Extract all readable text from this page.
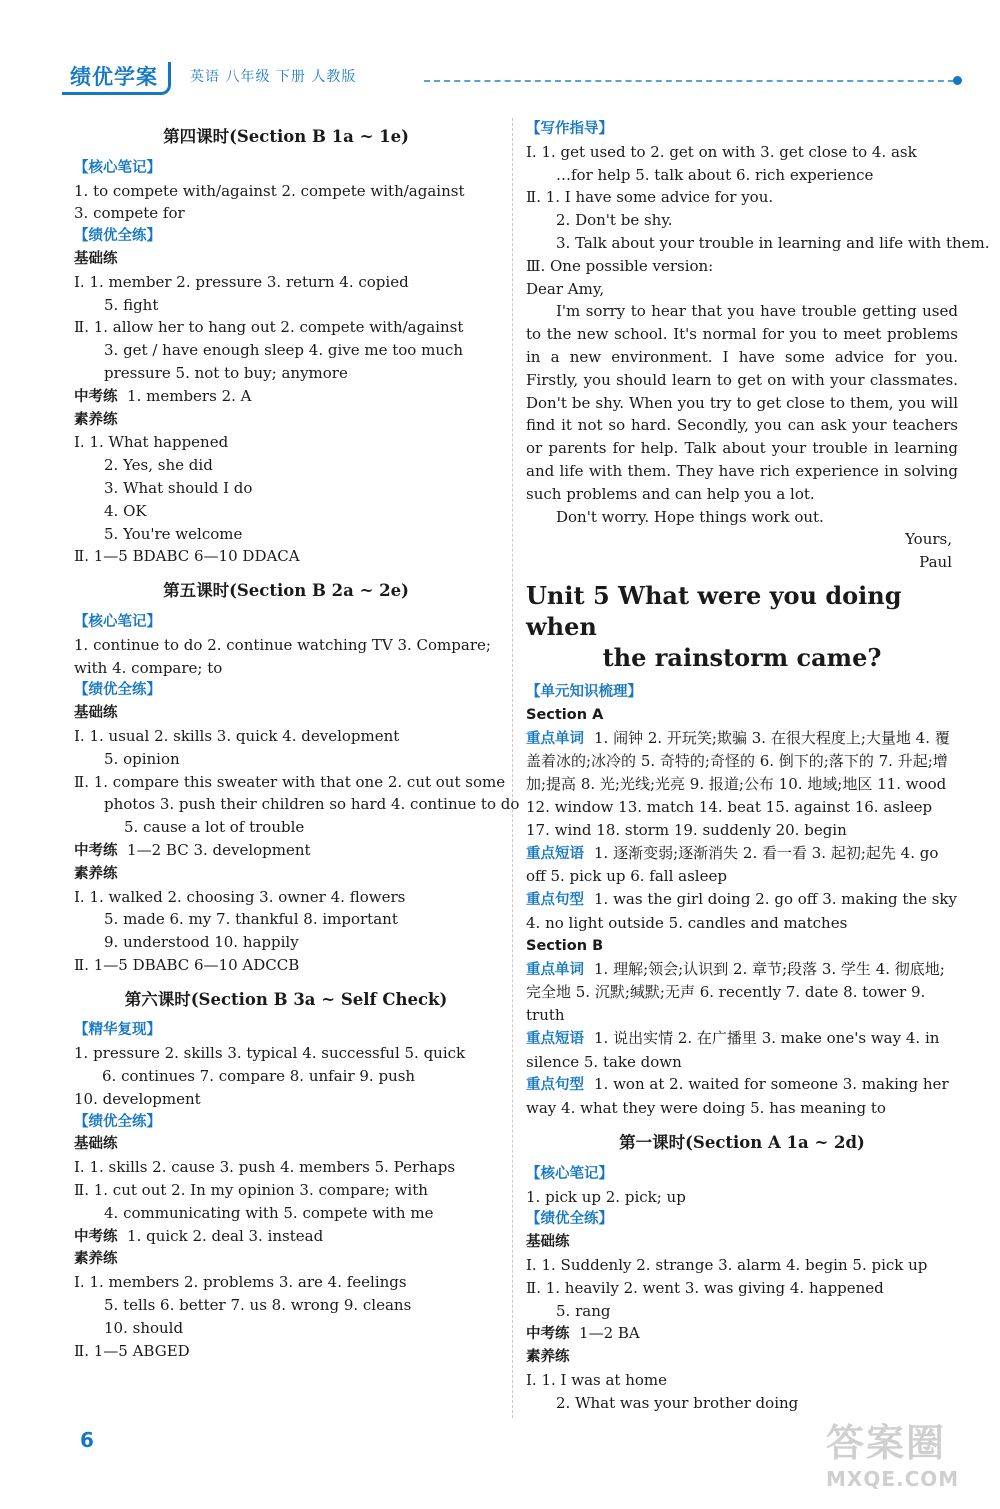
绩优学案	英语 八年级 下册 人教版
第四课时(Section B 1a ~ 1e)
【核心笔记】
1. to compete with/against 2. compete with/against
3. compete for
【绩优全练】
基础练
Ⅰ. 1. member 2. pressure 3. return 4. copied
5. fight
Ⅱ. 1. allow her to hang out 2. compete with/against
3. get / have enough sleep 4. give me too much
pressure 5. not to buy; anymore
中考练 1. members 2. A
素养练
Ⅰ. 1. What happened
2. Yes, she did
3. What should I do
4. OK
5. You're welcome
Ⅱ. 1—5 BDABC 6—10 DDACA
第五课时(Section B 2a ~ 2e)
【核心笔记】
1. continue to do 2. continue watching TV 3. Compare;
with 4. compare; to
【绩优全练】
基础练
Ⅰ. 1. usual 2. skills 3. quick 4. development
5. opinion
Ⅱ. 1. compare this sweater with that one 2. cut out some
photos 3. push their children so hard 4. continue to do
5. cause a lot of trouble
中考练 1—2 BC 3. development
素养练
Ⅰ. 1. walked 2. choosing 3. owner 4. flowers
5. made 6. my 7. thankful 8. important
9. understood 10. happily
Ⅱ. 1—5 DBABC 6—10 ADCCB
第六课时(Section B 3a ~ Self Check)
【精华复现】
1. pressure 2. skills 3. typical 4. successful 5. quick
6. continues 7. compare 8. unfair 9. push
10. development
【绩优全练】
基础练
Ⅰ. 1. skills 2. cause 3. push 4. members 5. Perhaps
Ⅱ. 1. cut out 2. In my opinion 3. compare; with
4. communicating with 5. compete with me
中考练 1. quick 2. deal 3. instead
素养练
Ⅰ. 1. members 2. problems 3. are 4. feelings
5. tells 6. better 7. us 8. wrong 9. cleans
10. should
Ⅱ. 1—5 ABGED
【写作指导】
Ⅰ. 1. get used to 2. get on with 3. get close to 4. ask
…for help 5. talk about 6. rich experience
Ⅱ. 1. I have some advice for you.
2. Don't be shy.
3. Talk about your trouble in learning and life with them.
Ⅲ. One possible version:

Dear Amy,

I'm sorry to hear that you have trouble getting used to the new school. It's normal for you to meet problems in a new environment. I have some advice for you. Firstly, you should learn to get on with your classmates. Don't be shy. When you try to get close to them, you will find it not so hard. Secondly, you can ask your teachers or parents for help. Talk about your trouble in learning and life with them. They have rich experience in solving such problems and can help you a lot.

Don't worry. Hope things work out.

Yours,

Paul

Unit 5 What were you doing when
the rainstorm came?
【单元知识梳理】
Section A
重点单词 1. 闹钟 2. 开玩笑;欺骗 3. 在很大程度上;大量地 4. 覆盖着冰的;冰冷的 5. 奇特的;奇怪的 6. 倒下的;落下的 7. 升起;增加;提高 8. 光;光线;光亮 9. 报道;公布 10. 地域;地区 11. wood 12. window 13. match 14. beat 15. against 16. asleep 17. wind 18. storm 19. suddenly 20. begin
重点短语 1. 逐渐变弱;逐渐消失 2. 看一看 3. 起初;起先 4. go off 5. pick up 6. fall asleep
重点句型 1. was the girl doing 2. go off 3. making the sky 4. no light outside 5. candles and matches
Section B
重点单词 1. 理解;领会;认识到 2. 章节;段落 3. 学生 4. 彻底地;完全地 5. 沉默;缄默;无声 6. recently 7. date 8. tower 9. truth
重点短语 1. 说出实情 2. 在广播里 3. make one's way 4. in silence 5. take down
重点句型 1. won at 2. waited for someone 3. making her way 4. what they were doing 5. has meaning to
第一课时(Section A 1a ~ 2d)
【核心笔记】
1. pick up 2. pick; up
【绩优全练】
基础练
Ⅰ. 1. Suddenly 2. strange 3. alarm 4. begin 5. pick up
Ⅱ. 1. heavily 2. went 3. was giving 4. happened
5. rang
中考练 1—2 BA
素养练
Ⅰ. 1. I was at home
2. What was your brother doing
6	答案圈
MXQE.COM
